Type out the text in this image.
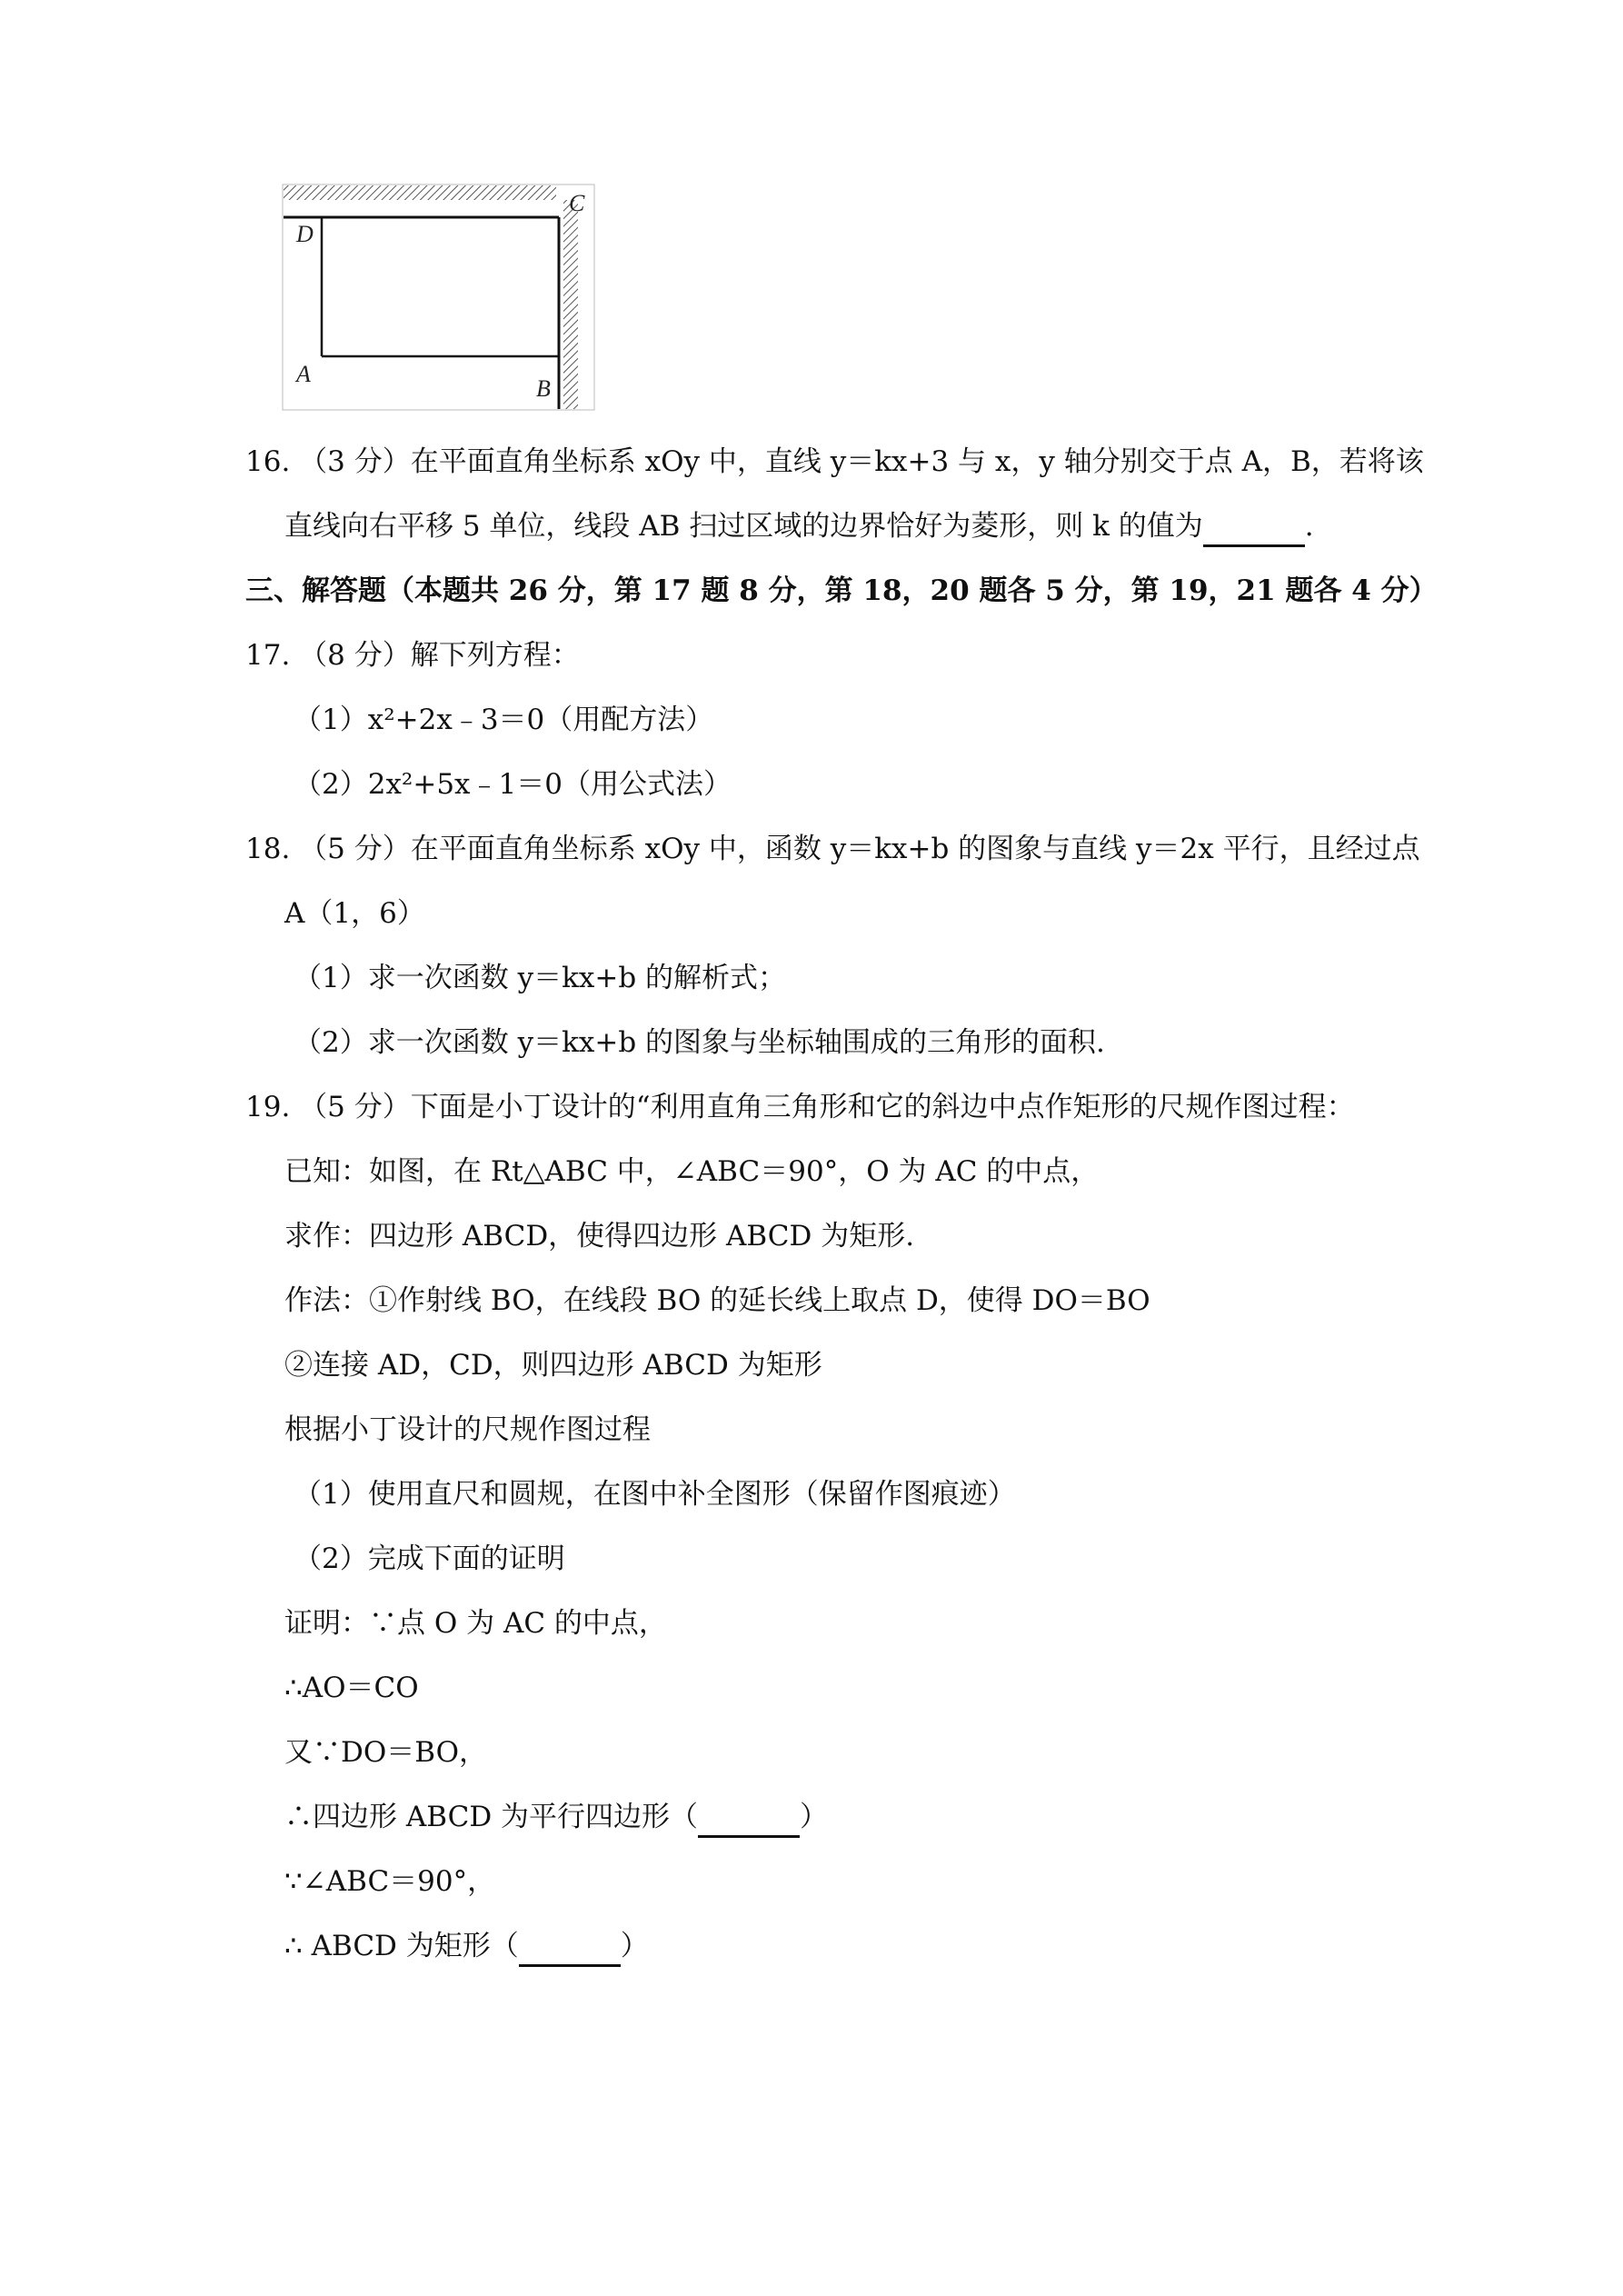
C
D
A
B
16. （3 分）在平面直角坐标系 xOy 中，直线 y＝kx+3 与 x，y 轴分别交于点 A，B，若将该
直线向右平移 5 单位，线段 AB 扫过区域的边界恰好为菱形，则 k 的值为	.
三、解答题（本题共 26 分，第 17 题 8 分，第 18，20 题各 5 分，第 19，21 题各 4 分）
17. （8 分）解下列方程：
（1）x²+2x﹣3＝0（用配方法）
（2）2x²+5x﹣1＝0（用公式法）
18. （5 分）在平面直角坐标系 xOy 中，函数 y＝kx+b 的图象与直线 y＝2x 平行，且经过点
A（1，6）
（1）求一次函数 y＝kx+b 的解析式；
（2）求一次函数 y＝kx+b 的图象与坐标轴围成的三角形的面积.
19. （5 分）下面是小丁设计的“利用直角三角形和它的斜边中点作矩形的尺规作图过程：
已知：如图，在 Rt△ABC 中，∠ABC＝90°，O 为 AC 的中点，
求作：四边形 ABCD，使得四边形 ABCD 为矩形.
作法：①作射线 BO，在线段 BO 的延长线上取点 D，使得 DO＝BO
②连接 AD，CD，则四边形 ABCD 为矩形
根据小丁设计的尺规作图过程
（1）使用直尺和圆规，在图中补全图形（保留作图痕迹）
（2）完成下面的证明
证明：∵点 O 为 AC 的中点，
∴AO＝CO
又∵DO＝BO，
∴四边形 ABCD 为平行四边形（	）
∵∠ABC＝90°，
∴ ABCD 为矩形（	）
